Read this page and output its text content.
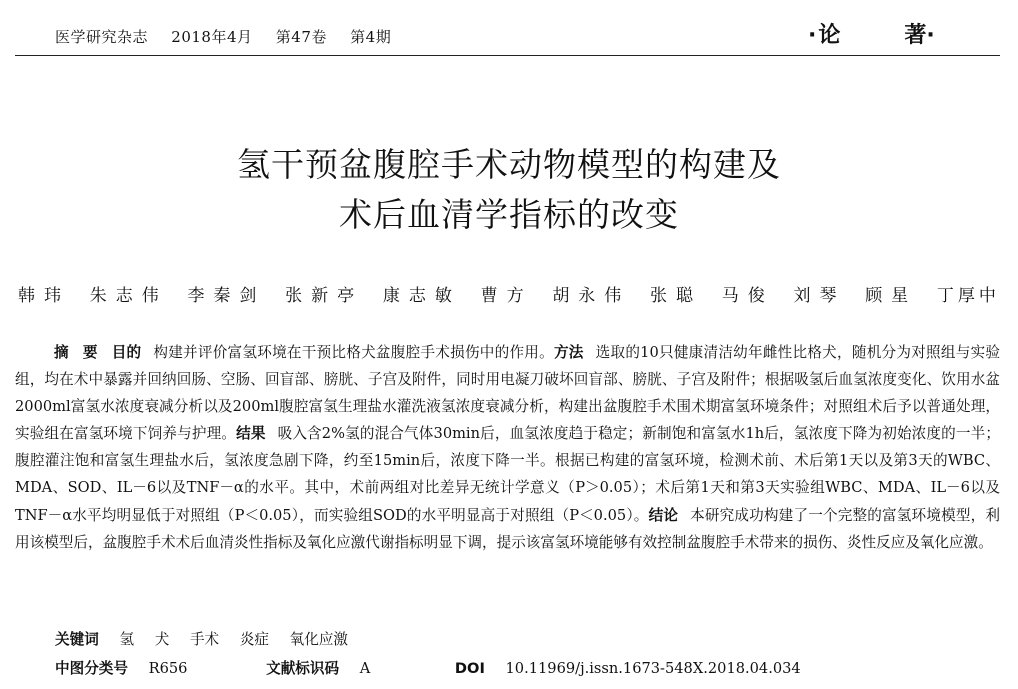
医学研究杂志 2018年4月 第47卷 第4期	·论	著·
氢干预盆腹腔手术动物模型的构建及
术后血清学指标的改变
韩玮 朱志伟 李秦剑 张新亭 康志敏 曹方 胡永伟 张聪 马俊 刘琴 顾星 丁厚中

摘要目的 构建并评价富氢环境在干预比格犬盆腹腔手术损伤中的作用。方法 选取的10只健康清洁幼年雌性比格犬，随机分为对照组与实验组，均在术中暴露并回纳回肠、空肠、回盲部、膀胱、子宫及附件，同时用电凝刀破坏回盲部、膀胱、子宫及附件；根据吸氢后血氢浓度变化、饮用水盆2000ml富氢水浓度衰减分析以及200ml腹腔富氢生理盐水灌洗液氢浓度衰减分析，构建出盆腹腔手术围术期富氢环境条件；对照组术后予以普通处理，实验组在富氢环境下饲养与护理。结果 吸入含2%氢的混合气体30min后，血氢浓度趋于稳定；新制饱和富氢水1h后，氢浓度下降为初始浓度的一半；腹腔灌注饱和富氢生理盐水后，氢浓度急剧下降，约至15min后，浓度下降一半。根据已构建的富氢环境，检测术前、术后第1天以及第3天的WBC、MDA、SOD、IL－6以及TNF－α的水平。其中，术前两组对比差异无统计学意义（P＞0.05）；术后第1天和第3天实验组WBC、MDA、IL－6以及TNF－α水平均明显低于对照组（P＜0.05），而实验组SOD的水平明显高于对照组（P＜0.05）。结论 本研究成功构建了一个完整的富氢环境模型，利用该模型后，盆腹腔手术术后血清炎性指标及氧化应激代谢指标明显下调，提示该富氢环境能够有效控制盆腹腔手术带来的损伤、炎性反应及氧化应激。

关键词 氢 犬 手术 炎症 氧化应激
中图分类号 R656	文献标识码 A	DOI 10.11969/j.issn.1673-548X.2018.04.034
